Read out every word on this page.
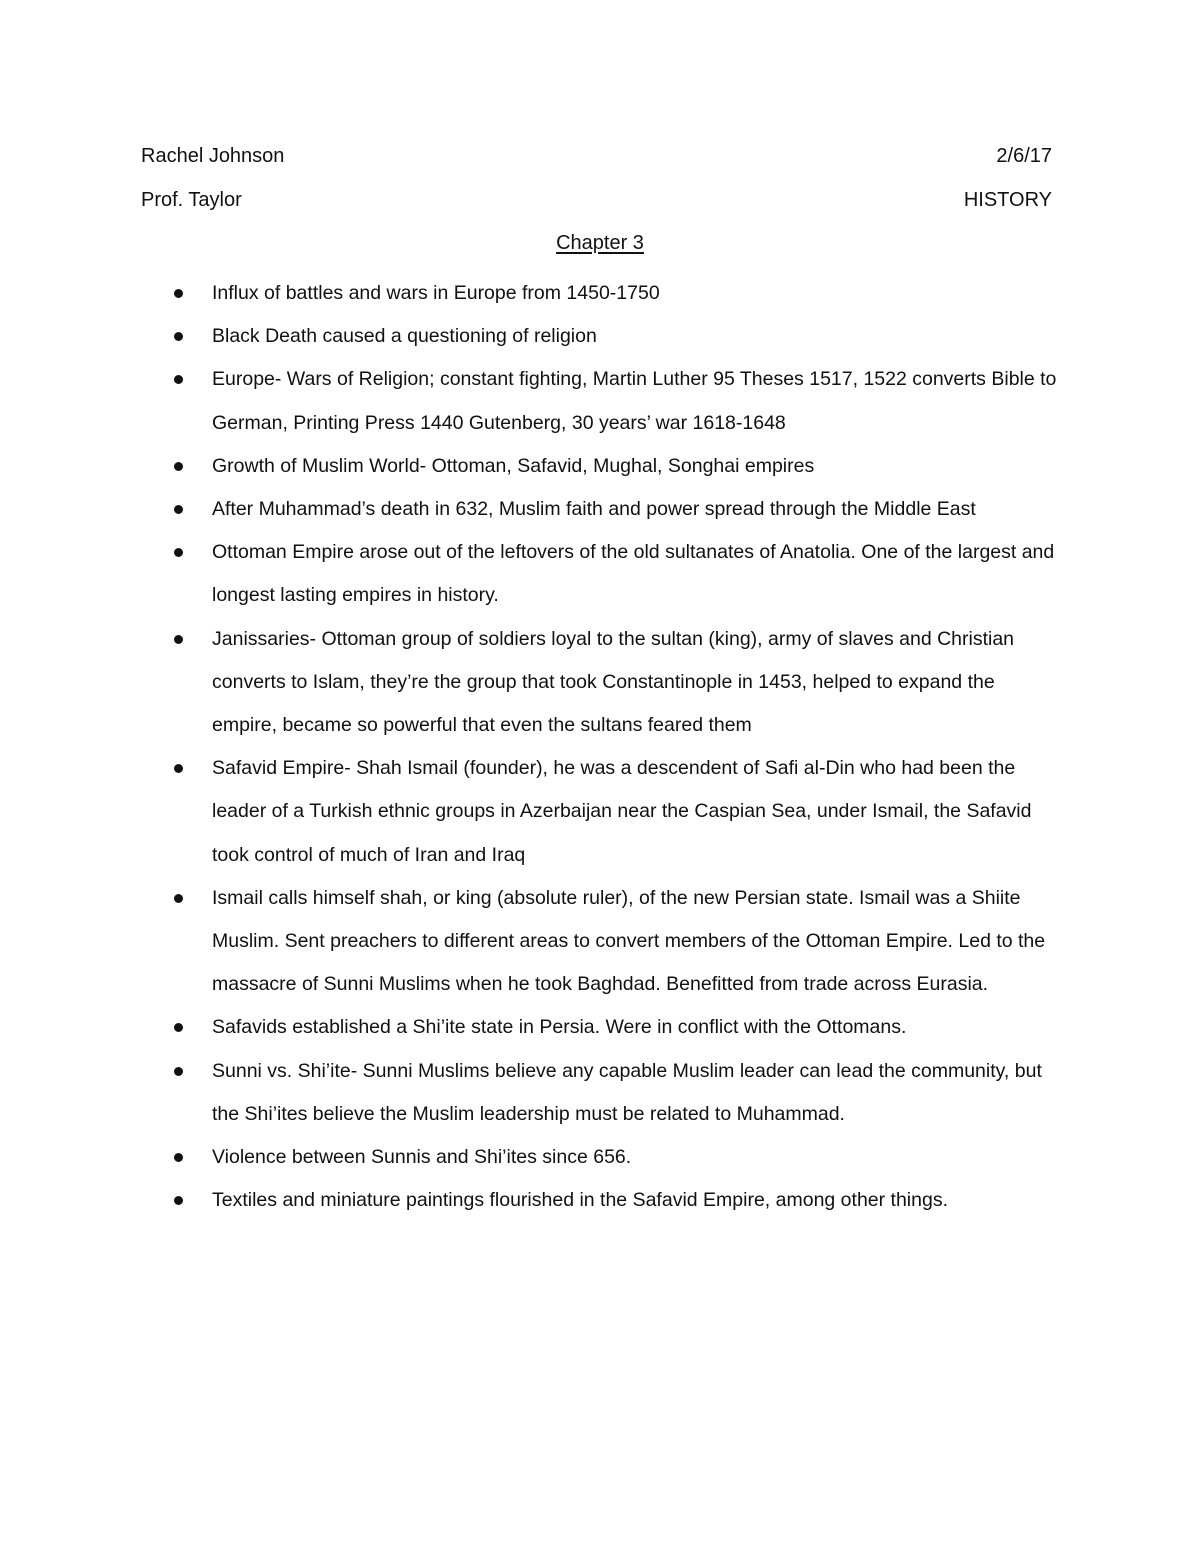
Rachel Johnson	2/6/17
Prof. Taylor	HISTORY
Chapter 3
Influx of battles and wars in Europe from 1450-1750
Black Death caused a questioning of religion
Europe- Wars of Religion; constant fighting, Martin Luther 95 Theses 1517, 1522 converts Bible to German, Printing Press 1440 Gutenberg, 30 years’ war 1618-1648
Growth of Muslim World- Ottoman, Safavid, Mughal, Songhai empires
After Muhammad’s death in 632, Muslim faith and power spread through the Middle East
Ottoman Empire arose out of the leftovers of the old sultanates of Anatolia. One of the largest and longest lasting empires in history.
Janissaries- Ottoman group of soldiers loyal to the sultan (king), army of slaves and Christian converts to Islam, they’re the group that took Constantinople in 1453, helped to expand the empire, became so powerful that even the sultans feared them
Safavid Empire- Shah Ismail (founder), he was a descendent of Safi al-Din who had been the leader of a Turkish ethnic groups in Azerbaijan near the Caspian Sea, under Ismail, the Safavid took control of much of Iran and Iraq
Ismail calls himself shah, or king (absolute ruler), of the new Persian state. Ismail was a Shiite Muslim. Sent preachers to different areas to convert members of the Ottoman Empire. Led to the massacre of Sunni Muslims when he took Baghdad. Benefitted from trade across Eurasia.
Safavids established a Shi’ite state in Persia. Were in conflict with the Ottomans.
Sunni vs. Shi’ite- Sunni Muslims believe any capable Muslim leader can lead the community, but the Shi’ites believe the Muslim leadership must be related to Muhammad.
Violence between Sunnis and Shi’ites since 656.
Textiles and miniature paintings flourished in the Safavid Empire, among other things.
